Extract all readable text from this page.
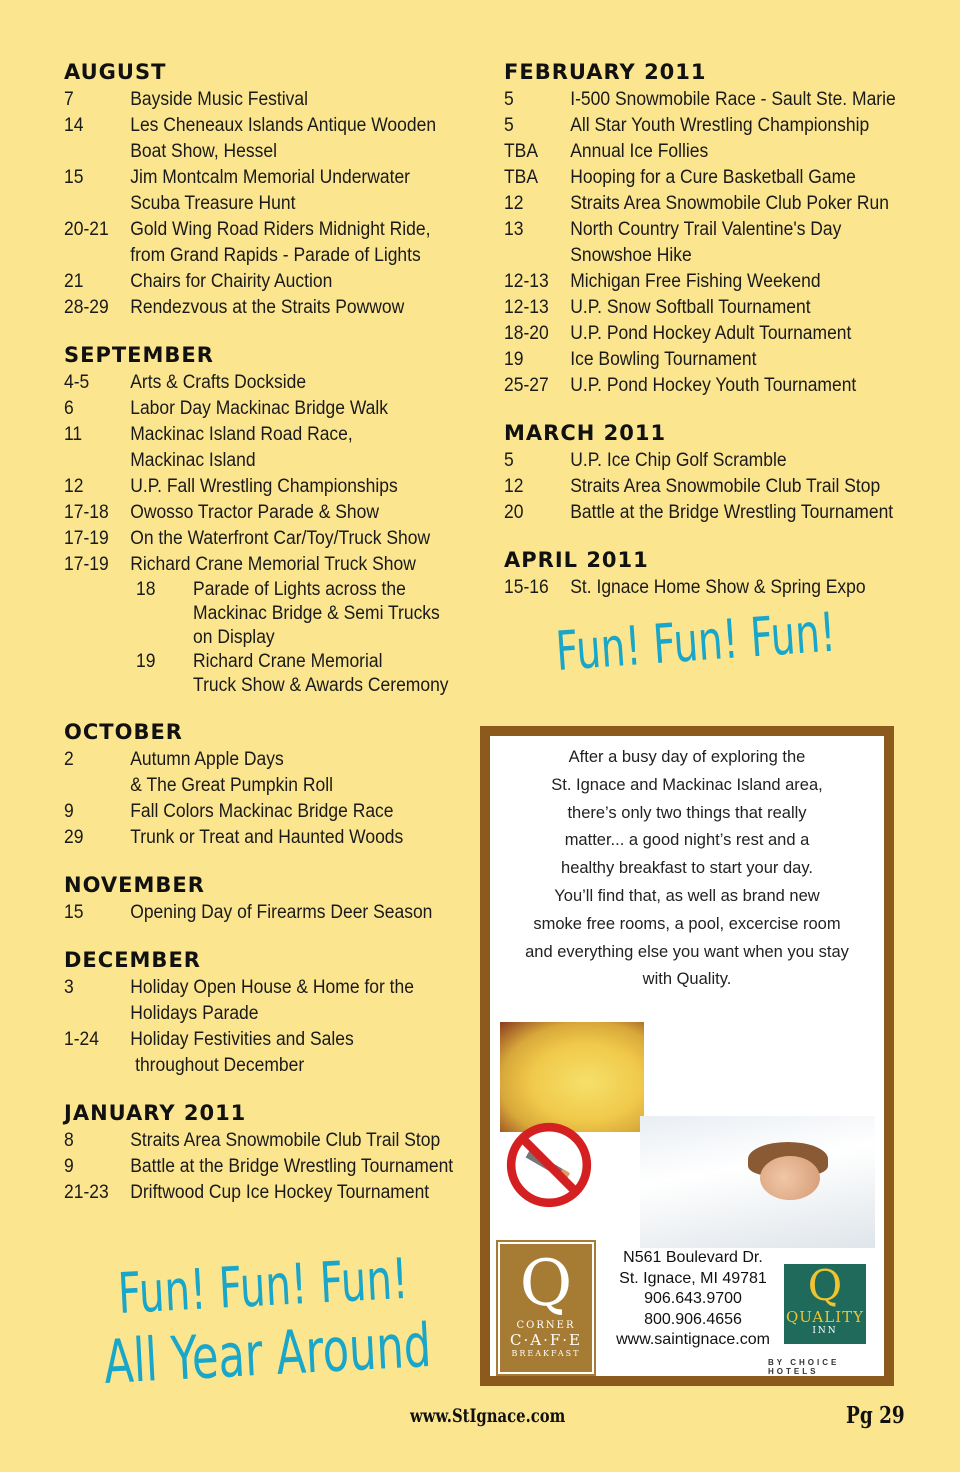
AUGUST
7	Bayside Music Festival
14	Les Cheneaux Islands Antique Wooden
Boat Show, Hessel
15	Jim Montcalm Memorial Underwater
Scuba Treasure Hunt
20-21	Gold Wing Road Riders Midnight Ride,
from Grand Rapids - Parade of Lights
21	Chairs for Chairity Auction
28-29	Rendezvous at the Straits Powwow
SEPTEMBER
4-5	Arts & Crafts Dockside
6	Labor Day Mackinac Bridge Walk
11	Mackinac Island Road Race,
Mackinac Island
12	U.P. Fall Wrestling Championships
17-18	Owosso Tractor Parade & Show
17-19	On the Waterfront Car/Toy/Truck Show
17-19	Richard Crane Memorial Truck Show
18	Parade of Lights across the
Mackinac Bridge & Semi Trucks
on Display
19	Richard Crane Memorial
Truck Show & Awards Ceremony
OCTOBER
2	Autumn Apple Days
& The Great Pumpkin Roll
9	Fall Colors Mackinac Bridge Race
29	Trunk or Treat and Haunted Woods
NOVEMBER
15	Opening Day of Firearms Deer Season
DECEMBER
3	Holiday Open House & Home for the
Holidays Parade
1-24	Holiday Festivities and Sales
throughout December
JANUARY 2011
8	Straits Area Snowmobile Club Trail Stop
9	Battle at the Bridge Wrestling Tournament
21-23	Driftwood Cup Ice Hockey Tournament
FEBRUARY 2011
5	I-500 Snowmobile Race - Sault Ste. Marie
5	All Star Youth Wrestling Championship
TBA	Annual Ice Follies
TBA	Hooping for a Cure Basketball Game
12	Straits Area Snowmobile Club Poker Run
13	North Country Trail Valentine's Day
Snowshoe Hike
12-13	Michigan Free Fishing Weekend
12-13	U.P. Snow Softball Tournament
18-20	U.P. Pond Hockey Adult Tournament
19	Ice Bowling Tournament
25-27	U.P. Pond Hockey Youth Tournament
MARCH 2011
5	U.P. Ice Chip Golf Scramble
12	Straits Area Snowmobile Club Trail Stop
20	Battle at the Bridge Wrestling Tournament
APRIL 2011
15-16	St. Ignace Home Show & Spring Expo
Fun! Fun! Fun!
Fun! Fun! Fun!
All Year Around
After a busy day of exploring the
St. Ignace and Mackinac Island area,
there’s only two things that really
matter... a good night’s rest and a
healthy breakfast to start your day.
You’ll find that, as well as brand new
smoke free rooms, a pool, excercise room
and everything else you want when you stay
with Quality.
Q
CORNER
C·A·F·E
BREAKFAST
N561 Boulevard Dr.
St. Ignace, MI 49781
906.643.9700
800.906.4656
www.saintignace.com
Q
QUALITY
INN
BY CHOICE HOTELS
www.StIgnace.com	Pg 29
